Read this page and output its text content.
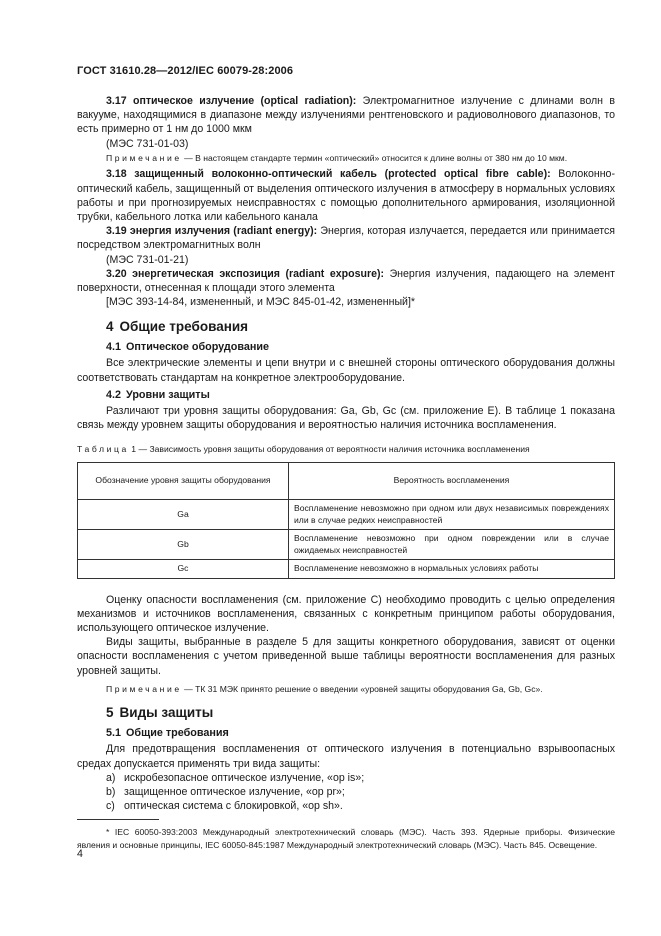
ГОСТ 31610.28—2012/IEC 60079-28:2006

3.17 оптическое излучение (optical radiation): Электромагнитное излучение с длинами волн в вакууме, находящимися в диапазоне между излучениями рентгеновского и радиоволнового диапазонов, то есть примерно от 1 нм до 1000 мкм

(МЭС 731-01-03)

Примечание — В настоящем стандарте термин «оптический» относится к длине волны от 380 нм до 10 мкм.

3.18 защищенный волоконно-оптический кабель (protected optical fibre cable): Волоконно-оптический кабель, защищенный от выделения оптического излучения в атмосферу в нормальных условиях работы и при прогнозируемых неисправностях с помощью дополнительного армирования, изоляционной трубки, кабельного лотка или кабельного канала

3.19 энергия излучения (radiant energy): Энергия, которая излучается, передается или принимается посредством электромагнитных волн

(МЭС 731-01-21)

3.20 энергетическая экспозиция (radiant exposure): Энергия излучения, падающего на элемент поверхности, отнесенная к площади этого элемента

[МЭС 393-14-84, измененный, и МЭС 845-01-42, измененный]*

4 Общие требования
4.1 Оптическое оборудование

Все электрические элементы и цепи внутри и с внешней стороны оптического оборудования должны соответствовать стандартам на конкретное электрооборудование.

4.2 Уровни защиты

Различают три уровня защиты оборудования: Ga, Gb, Gc (см. приложение Е). В таблице 1 показана связь между уровнем защиты оборудования и вероятностью наличия источника воспламенения.

Таблица 1 — Зависимость уровня защиты оборудования от вероятности наличия источника воспламенения
Обозначение уровня защиты оборудования	Вероятность воспламенения
Ga	Воспламенение невозможно при одном или двух независимых повреждениях или в случае редких неисправностей
Gb	Воспламенение невозможно при одном повреждении или в случае ожидаемых неисправностей
Gc	Воспламенение невозможно в нормальных условиях работы

Оценку опасности воспламенения (см. приложение С) необходимо проводить с целью определения механизмов и источников воспламенения, связанных с конкретным принципом работы оборудования, использующего оптическое излучение.

Виды защиты, выбранные в разделе 5 для защиты конкретного оборудования, зависят от оценки опасности воспламенения с учетом приведенной выше таблицы вероятности воспламенения для разных уровней защиты.

Примечание — ТК 31 МЭК принято решение о введении «уровней защиты оборудования Ga, Gb, Gc».

5 Виды защиты
5.1 Общие требования

Для предотвращения воспламенения от оптического излучения в потенциально взрывоопасных средах допускается применять три вида защиты:

a) искробезопасное оптическое излучение, «op is»;
b) защищенное оптическое излучение, «op pr»;
c) оптическая система с блокировкой, «op sh».

* IEC 60050-393:2003 Международный электротехнический словарь (МЭС). Часть 393. Ядерные приборы. Физические явления и основные принципы, IEC 60050-845:1987 Международный электротехнический словарь (МЭС). Часть 845. Освещение.

4
